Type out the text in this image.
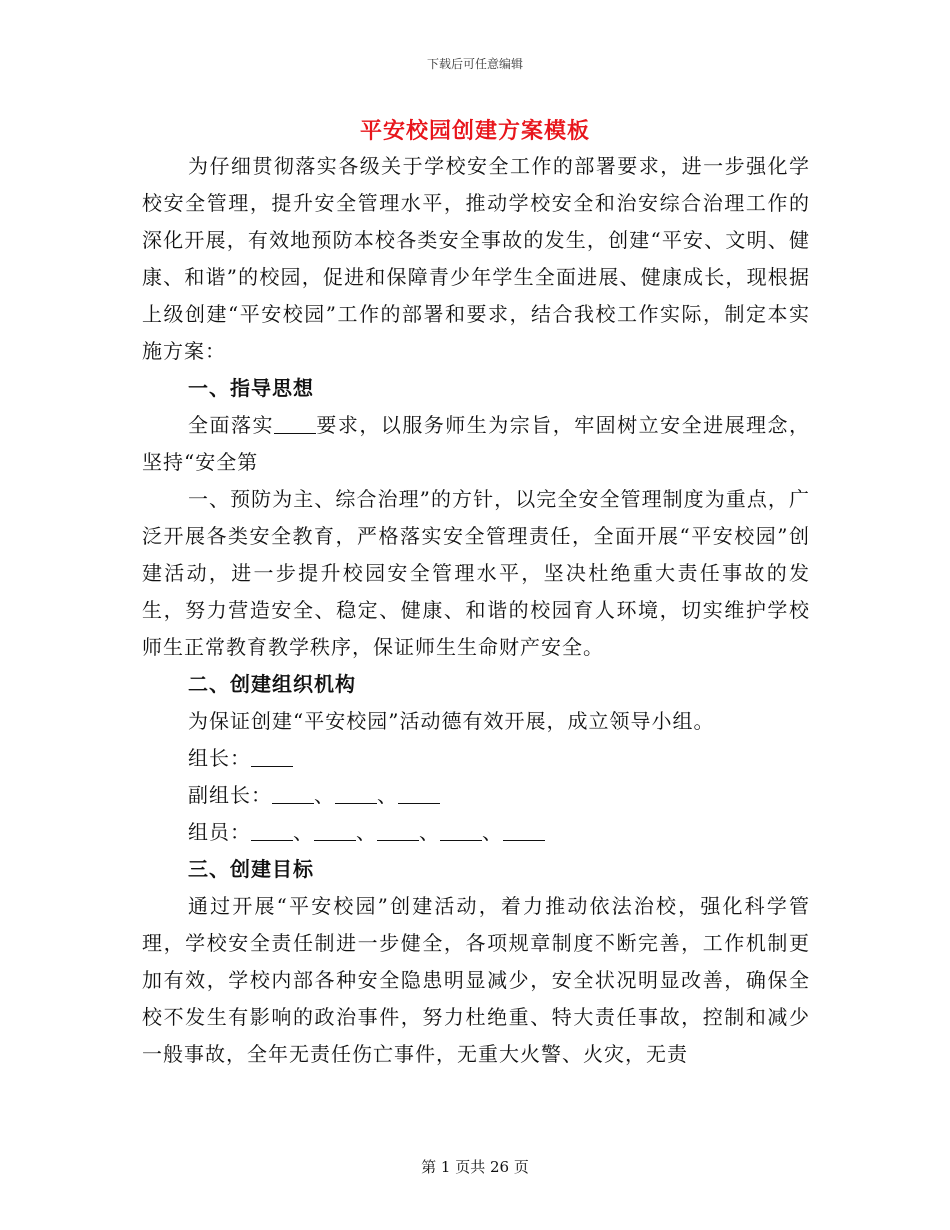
下载后可任意编辑
平安校园创建方案模板

为仔细贯彻落实各级关于学校安全工作的部署要求，进一步强化学校安全管理，提升安全管理水平，推动学校安全和治安综合治理工作的深化开展，有效地预防本校各类安全事故的发生，创建“平安、文明、健康、和谐”的校园，促进和保障青少年学生全面进展、健康成长，现根据上级创建“平安校园”工作的部署和要求，结合我校工作实际，制定本实施方案：

一、指导思想

全面落实 要求，以服务师生为宗旨，牢固树立安全进展理念，坚持“安全第

一、预防为主、综合治理”的方针，以完全安全管理制度为重点，广泛开展各类安全教育，严格落实安全管理责任，全面开展“平安校园”创建活动，进一步提升校园安全管理水平，坚决杜绝重大责任事故的发生，努力营造安全、稳定、健康、和谐的校园育人环境，切实维护学校师生正常教育教学秩序，保证师生生命财产安全。

二、创建组织机构

为保证创建“平安校园”活动德有效开展，成立领导小组。

组长：

副组长： 、 、

组员： 、 、 、 、

三、创建目标

通过开展“平安校园”创建活动，着力推动依法治校，强化科学管理，学校安全责任制进一步健全，各项规章制度不断完善，工作机制更加有效，学校内部各种安全隐患明显减少，安全状况明显改善，确保全校不发生有影响的政治事件，努力杜绝重、特大责任事故，控制和减少一般事故，全年无责任伤亡事件，无重大火警、火灾，无责

第 1 页共 26 页
